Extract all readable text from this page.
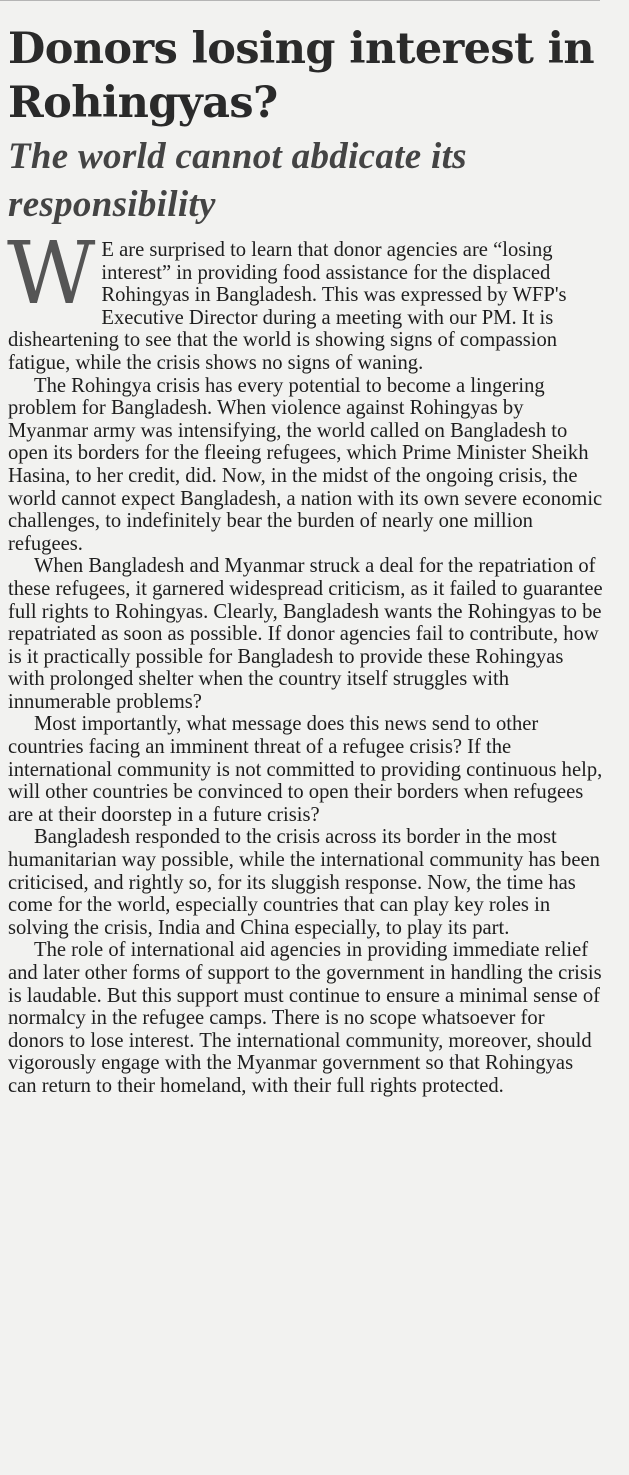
Donors losing interest in Rohingyas?
The world cannot abdicate its responsibility

W E are surprised to learn that donor agencies are “losing interest” in providing food assistance for the displaced Rohingyas in Bangladesh. This was expressed by WFP's Executive Director during a meeting with our PM. It is disheartening to see that the world is showing signs of compassion fatigue, while the crisis shows no signs of waning.

The Rohingya crisis has every potential to become a lingering problem for Bangladesh. When violence against Rohingyas by Myanmar army was intensifying, the world called on Bangladesh to open its borders for the fleeing refugees, which Prime Minister Sheikh Hasina, to her credit, did. Now, in the midst of the ongoing crisis, the world cannot expect Bangladesh, a nation with its own severe economic challenges, to indefinitely bear the burden of nearly one million refugees.

When Bangladesh and Myanmar struck a deal for the repatriation of these refugees, it garnered widespread criticism, as it failed to guarantee full rights to Rohingyas. Clearly, Bangladesh wants the Rohingyas to be repatriated as soon as possible. If donor agencies fail to contribute, how is it practically possible for Bangladesh to provide these Rohingyas with prolonged shelter when the country itself struggles with innumerable problems?

Most importantly, what message does this news send to other countries facing an imminent threat of a refugee crisis? If the international community is not committed to providing continuous help, will other countries be convinced to open their borders when refugees are at their doorstep in a future crisis?

Bangladesh responded to the crisis across its border in the most humanitarian way possible, while the international community has been criticised, and rightly so, for its sluggish response. Now, the time has come for the world, especially countries that can play key roles in solving the crisis, India and China especially, to play its part.

The role of international aid agencies in providing immediate relief and later other forms of support to the government in handling the crisis is laudable. But this support must continue to ensure a minimal sense of normalcy in the refugee camps. There is no scope whatsoever for donors to lose interest. The international community, moreover, should vigorously engage with the Myanmar government so that Rohingyas can return to their homeland, with their full rights protected.
